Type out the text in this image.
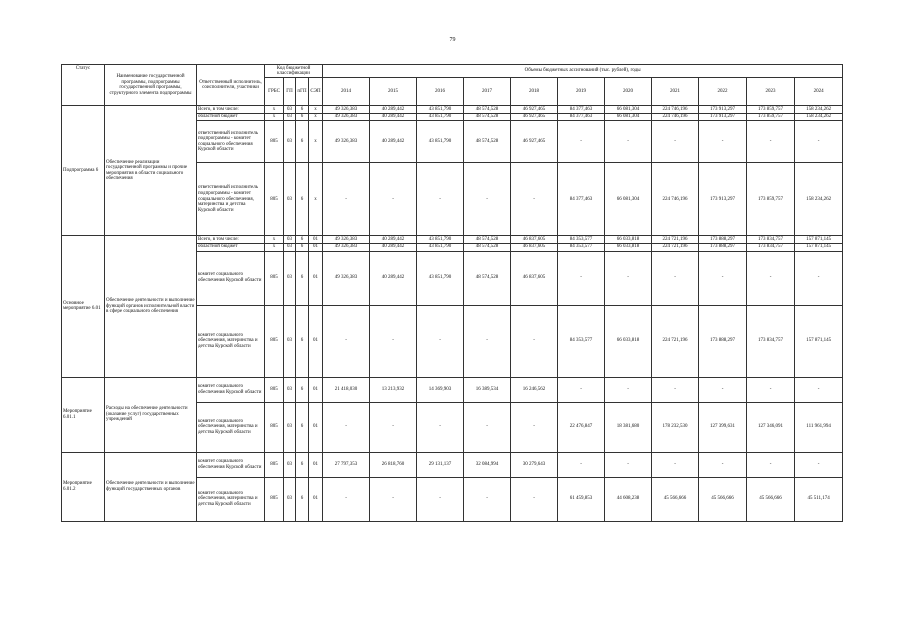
79
Статус	Наименование государственной программы, подпрограммы государственной программы, структурного элемента подпрограммы	Ответственный исполнитель, соисполнители, участники	Код бюджетной классификации				Объемы бюджетных ассигнований (тыс. рублей), годы										
			ГРБС	ГП	пГП	СЭП	2014	2015	2016	2017	2018	2019	2020	2021	2022	2023	2024
Подпрограмма 6	Обеспечение реализации государственной программы и прочие мероприятия в области социального обеспечения	Всего, в том числе:	x	03	6	x	49 326,383	40 289,442	43 851,790	48 574,528	46 927,465	84 377,463	66 081,304	224 746,196	173 913,297	173 859,757	158 234,262
		областной бюджет	x	03	6	x	49 326,383	40 289,442	43 851,790	48 574,528	46 927,465	84 377,463	66 081,304	224 746,196	173 913,297	173 859,757	158 234,262
		ответственный исполнитель подпрограммы - комитет социального обеспечения Курской области	805	03	6	x	49 326,383	40 289,442	43 851,790	48 574,528	46 927,465	-	-	-	-	-	-
		ответственный исполнитель подпрограммы - комитет социального обеспечения, материнства и детства Курской области	805	03	6	x	-	-	-	-	-	84 377,463	66 081,304	224 746,196	173 913,297	173 859,757	158 234,262
Основное мероприятие 6.01	Обеспечение деятельности и выполнение функций органов исполнительной власти в сфере социального обеспечения	Всего, в том числе:	x	03	6	01	49 326,383	40 289,442	43 851,790	48 574,528	46 837,605	84 353,577	66 033,818	224 721,196	173 888,297	173 834,757	157 871,145
		областной бюджет	x	03	6	01	49 326,383	40 289,442	43 851,790	48 574,528	46 837,605	84 353,577	66 033,818	224 721,196	173 888,297	173 834,757	157 871,145
		комитет социального обеспечения Курской области	805	03	6	01	49 326,383	40 289,442	43 851,790	48 574,528	46 837,605	-	-	-	-	-	-
		комитет социального обеспечения, материнства и детства Курской области	805	03	6	01	-	-	-	-	-	84 353,577	66 033,818	224 721,196	173 888,297	173 834,757	157 871,145
Мероприятие 6.01.1	Расходы на обеспечение деятельности (оказание услуг) государственных учреждений	комитет социального обеспечения Курской области	805	03	6	01	21 418,030	13 213,932	14 369,903	16 389,534	16 246,562	-	-	-	-	-	-
		комитет социального обеспечения, материнства и детства Курской области	805	03	6	01	-	-	-	-	-	22 476,847	18 381,680	178 232,530	127 399,631	127 346,091	111 961,994
Мероприятие 6.01.2	Обеспечение деятельности и выполнение функций государственных органов	комитет социального обеспечения Курской области	805	03	6	01	27 797,353	26 818,760	29 131,137	32 084,994	30 279,643	-	-	-	-	-	-
		комитет социального обеспечения, материнства и детства Курской области	805	03	6	01	-	-	-	-	-	61 459,853	44 608,238	45 566,666	45 566,666	45 566,666	45 511,174
